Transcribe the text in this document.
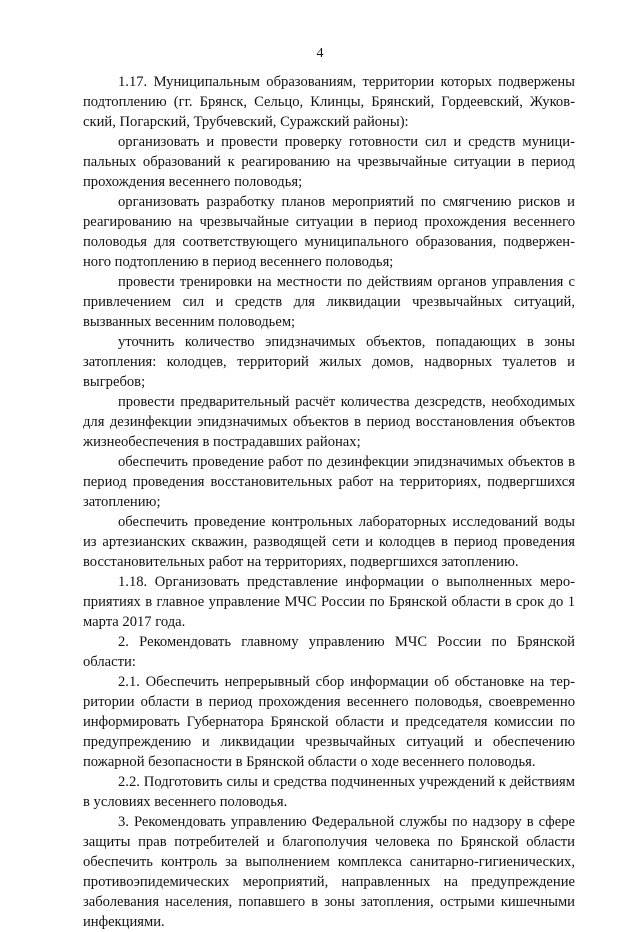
4

1.17. Муниципальным образованиям, территории которых подвержены подтоплению (гг. Брянск, Сельцо, Клинцы, Брянский, Гордеевский, Жуковский, Погарский, Трубчевский, Суражский районы):

организовать и провести проверку готовности сил и средств муниципальных образований к реагированию на чрезвычайные ситуации в период прохождения весеннего половодья;

организовать разработку планов мероприятий по смягчению рисков и реагированию на чрезвычайные ситуации в период прохождения весеннего половодья для соответствующего муниципального образования, подверженного подтоплению в период весеннего половодья;

провести тренировки на местности по действиям органов управления с привлечением сил и средств для ликвидации чрезвычайных ситуаций, вызванных весенним половодьем;

уточнить количество эпидзначимых объектов, попадающих в зоны затопления: колодцев, территорий жилых домов, надворных туалетов и выгребов;

провести предварительный расчёт количества дезсредств, необходимых для дезинфекции эпидзначимых объектов в период восстановления объектов жизнеобеспечения в пострадавших районах;

обеспечить проведение работ по дезинфекции эпидзначимых объектов в период проведения восстановительных работ на территориях, подвергшихся затоплению;

обеспечить проведение контрольных лабораторных исследований воды из артезианских скважин, разводящей сети и колодцев в период проведения восстановительных работ на территориях, подвергшихся затоплению.

1.18. Организовать представление информации о выполненных мероприятиях в главное управление МЧС России по Брянской области в срок до 1 марта 2017 года.

2. Рекомендовать главному управлению МЧС России по Брянской области:

2.1. Обеспечить непрерывный сбор информации об обстановке на территории области в период прохождения весеннего половодья, своевременно информировать Губернатора Брянской области и председателя комиссии по предупреждению и ликвидации чрезвычайных ситуаций и обеспечению пожарной безопасности в Брянской области о ходе весеннего половодья.

2.2. Подготовить силы и средства подчиненных учреждений к действиям в условиях весеннего половодья.

3. Рекомендовать управлению Федеральной службы по надзору в сфере защиты прав потребителей и благополучия человека по Брянской области обеспечить контроль за выполнением комплекса санитарно-гигиенических, противоэпидемических мероприятий, направленных на предупреждение заболевания населения, попавшего в зоны затопления, острыми кишечными инфекциями.
